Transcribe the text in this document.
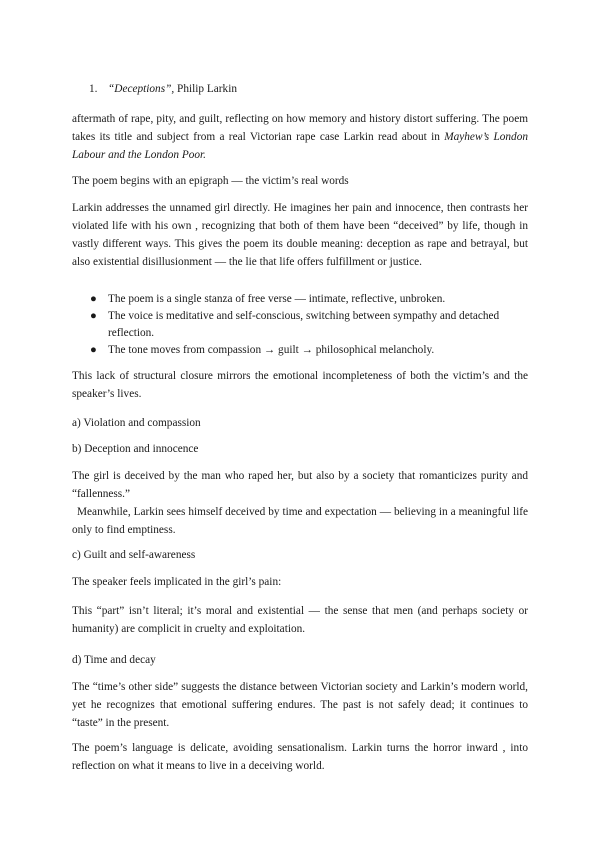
1. “Deceptions”, Philip Larkin

aftermath of rape, pity, and guilt, reflecting on how memory and history distort suffering. The poem takes its title and subject from a real Victorian rape case Larkin read about in Mayhew’s London Labour and the London Poor.

The poem begins with an epigraph — the victim’s real words

Larkin addresses the unnamed girl directly. He imagines her pain and innocence, then contrasts her violated life with his own , recognizing that both of them have been “deceived” by life, though in vastly different ways. This gives the poem its double meaning: deception as rape and betrayal, but also existential disillusionment — the lie that life offers fulfillment or justice.

● The poem is a single stanza of free verse — intimate, reflective, unbroken.
● The voice is meditative and self-conscious, switching between sympathy and detached reflection.
● The tone moves from compassion → guilt → philosophical melancholy.

This lack of structural closure mirrors the emotional incompleteness of both the victim’s and the speaker’s lives.

a) Violation and compassion

b) Deception and innocence

The girl is deceived by the man who raped her, but also by a society that romanticizes purity and “fallenness.”
Meanwhile, Larkin sees himself deceived by time and expectation — believing in a meaningful life only to find emptiness.

c) Guilt and self-awareness

The speaker feels implicated in the girl’s pain:

This “part” isn’t literal; it’s moral and existential — the sense that men (and perhaps society or humanity) are complicit in cruelty and exploitation.

d) Time and decay

The “time’s other side” suggests the distance between Victorian society and Larkin’s modern world, yet he recognizes that emotional suffering endures. The past is not safely dead; it continues to “taste” in the present.

The poem’s language is delicate, avoiding sensationalism. Larkin turns the horror inward , into reflection on what it means to live in a deceiving world.
